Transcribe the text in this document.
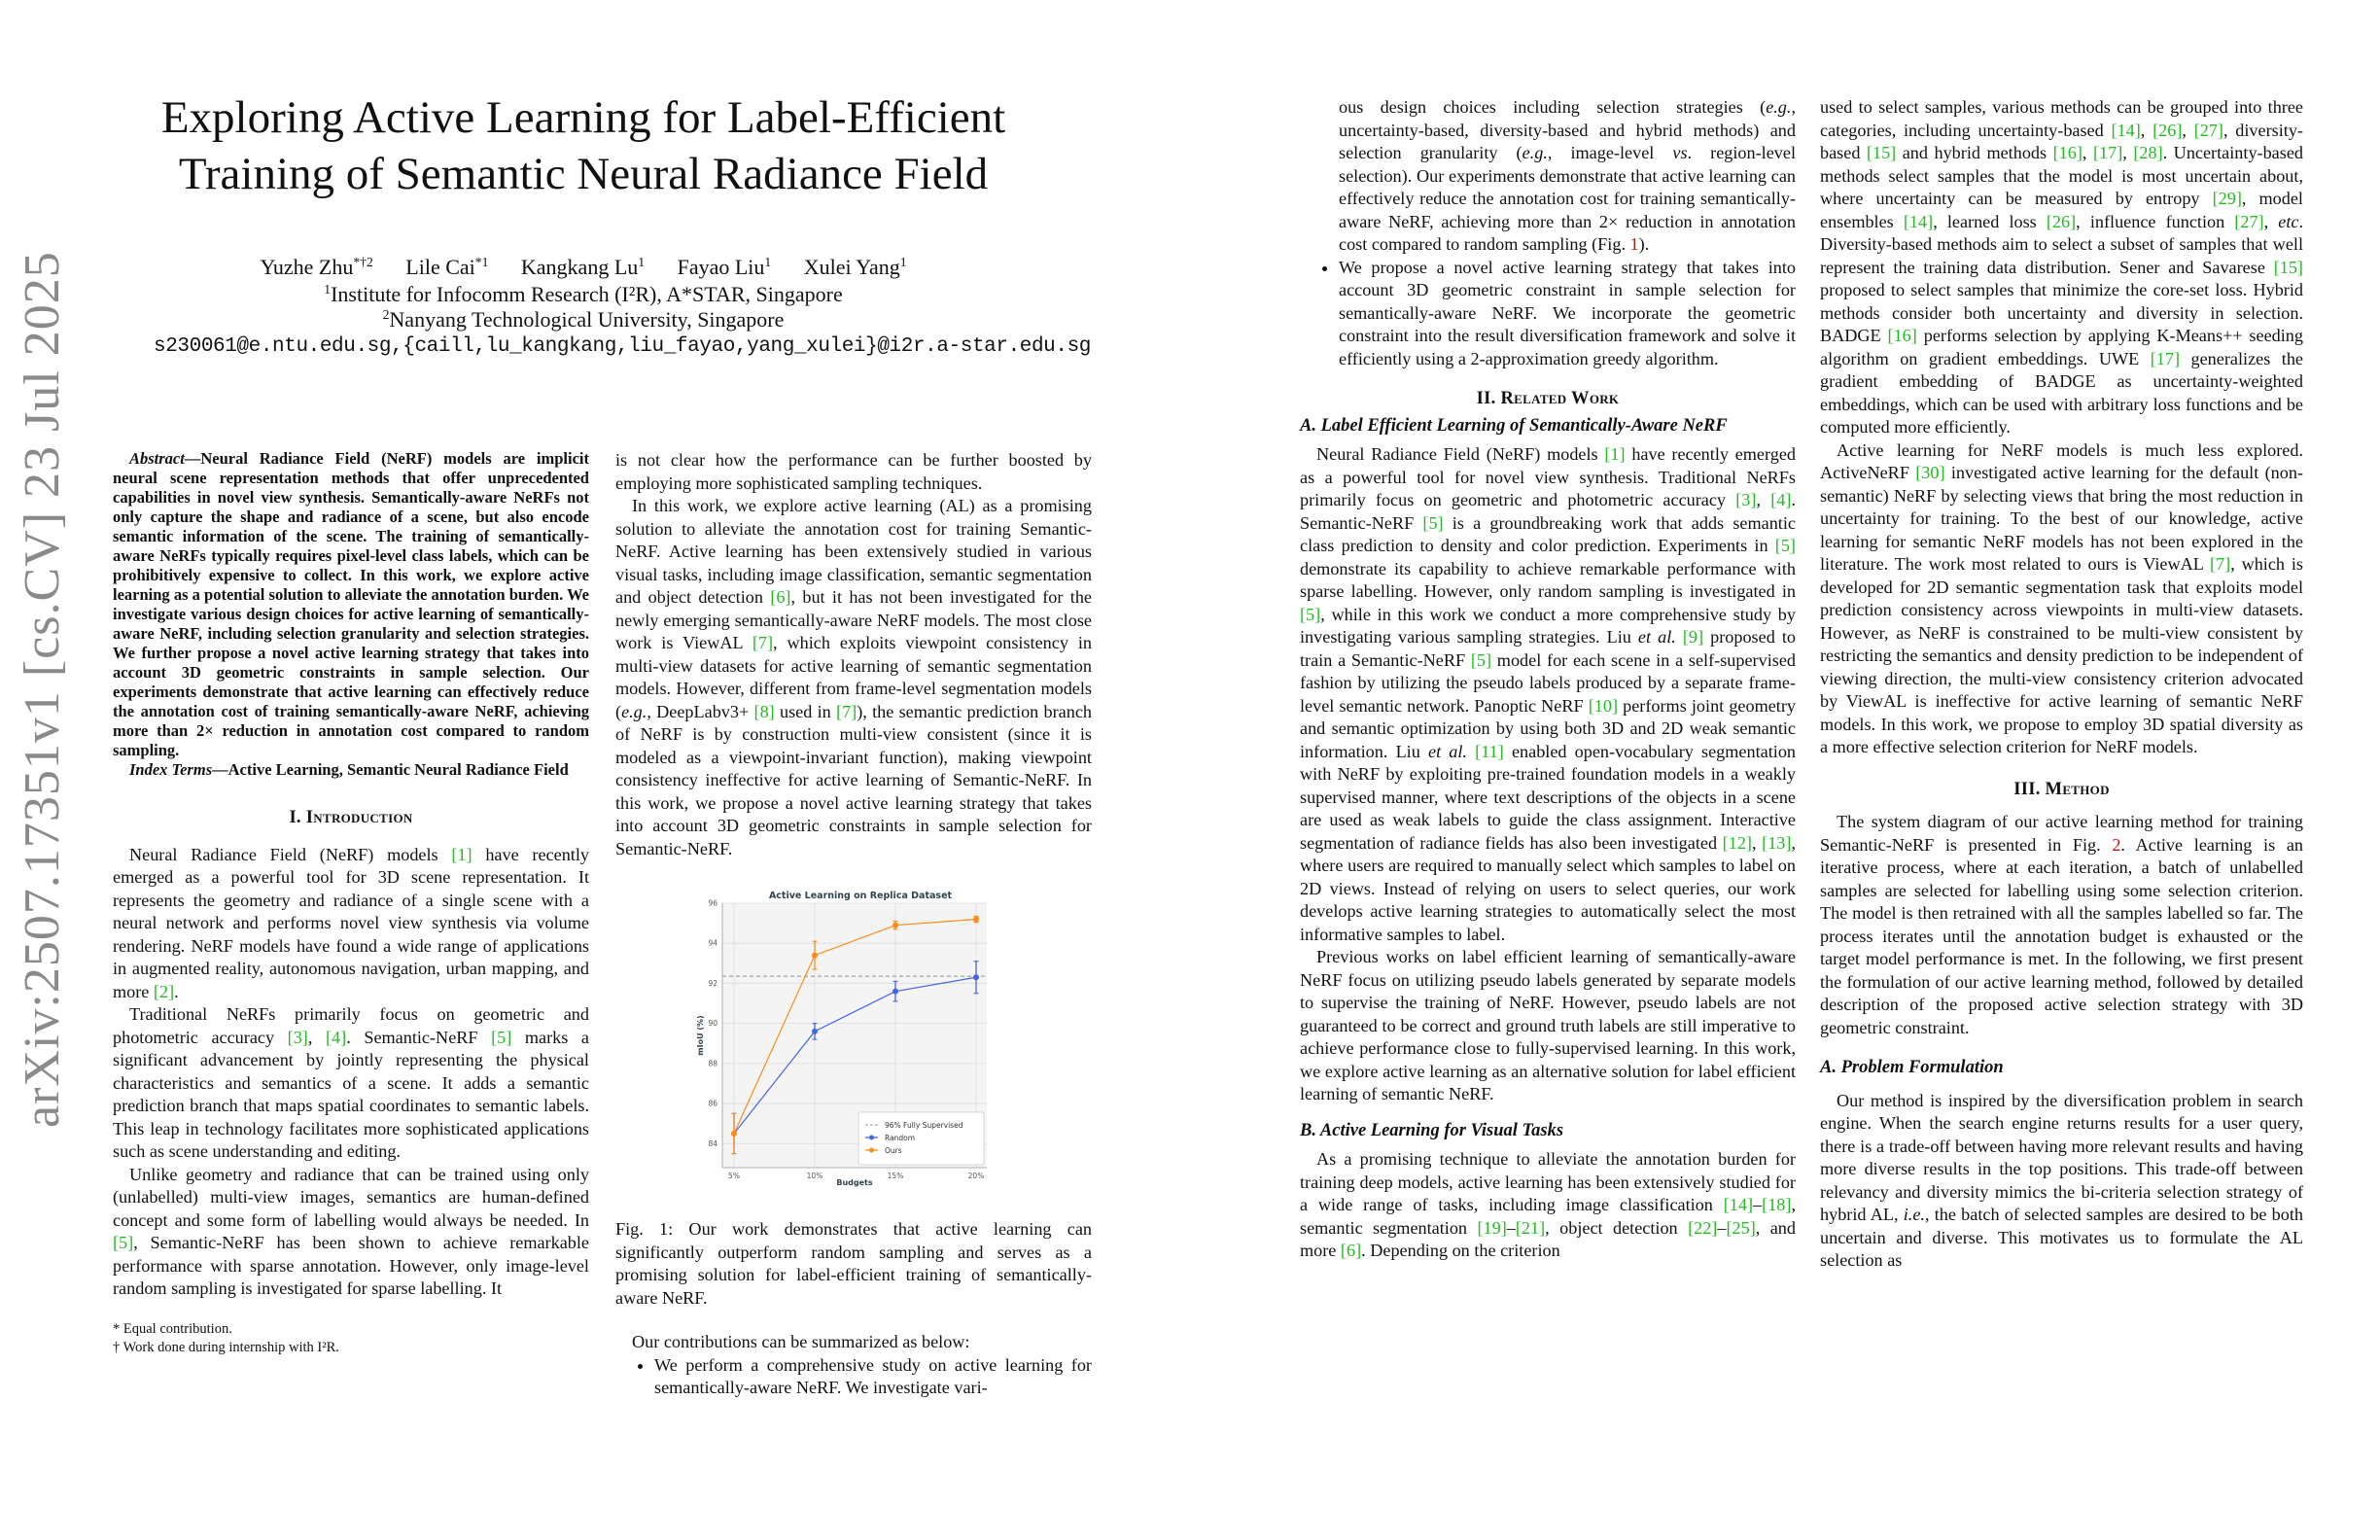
arXiv:2507.17351v1 [cs.CV] 23 Jul 2025
Exploring Active Learning for Label-Efficient
Training of Semantic Neural Radiance Field
Yuzhe Zhu$^{*\dagger 2}$ Lile Cai$^{*1}$ Kangkang Lu$^1$ Fayao Liu$^1$ Xulei Yang$^1$
$^1$Institute for Infocomm Research (I²R), A*STAR, Singapore
$^2$Nanyang Technological University, Singapore
s230061@e.ntu.edu.sg,{caill,lu_kangkang,liu_fayao,yang_xulei}@i2r.a-star.edu.sg

Abstract—Neural Radiance Field (NeRF) models are implicit neural scene representation methods that offer unprecedented capabilities in novel view synthesis. Semantically-aware NeRFs not only capture the shape and radiance of a scene, but also encode semantic information of the scene. The training of semantically-aware NeRFs typically requires pixel-level class labels, which can be prohibitively expensive to collect. In this work, we explore active learning as a potential solution to alleviate the annotation burden. We investigate various design choices for active learning of semantically-aware NeRF, including selection granularity and selection strategies. We further propose a novel active learning strategy that takes into account 3D geometric constraints in sample selection. Our experiments demonstrate that active learning can effectively reduce the annotation cost of training semantically-aware NeRF, achieving more than 2× reduction in annotation cost compared to random sampling.

Index Terms—Active Learning, Semantic Neural Radiance Field

I. Introduction

Neural Radiance Field (NeRF) models [1] have recently emerged as a powerful tool for 3D scene representation. It represents the geometry and radiance of a single scene with a neural network and performs novel view synthesis via volume rendering. NeRF models have found a wide range of applications in augmented reality, autonomous navigation, urban mapping, and more [2].

Traditional NeRFs primarily focus on geometric and photometric accuracy [3], [4]. Semantic-NeRF [5] marks a significant advancement by jointly representing the physical characteristics and semantics of a scene. It adds a semantic prediction branch that maps spatial coordinates to semantic labels. This leap in technology facilitates more sophisticated applications such as scene understanding and editing.

Unlike geometry and radiance that can be trained using only (unlabelled) multi-view images, semantics are human-defined concept and some form of labelling would always be needed. In [5], Semantic-NeRF has been shown to achieve remarkable performance with sparse annotation. However, only image-level random sampling is investigated for sparse labelling. It

* Equal contribution.
† Work done during internship with I²R.

is not clear how the performance can be further boosted by employing more sophisticated sampling techniques.

In this work, we explore active learning (AL) as a promising solution to alleviate the annotation cost for training Semantic-NeRF. Active learning has been extensively studied in various visual tasks, including image classification, semantic segmentation and object detection [6], but it has not been investigated for the newly emerging semantically-aware NeRF models. The most close work is ViewAL [7], which exploits viewpoint consistency in multi-view datasets for active learning of semantic segmentation models. However, different from frame-level segmentation models (e.g., DeepLabv3+ [8] used in [7]), the semantic prediction branch of NeRF is by construction multi-view consistent (since it is modeled as a viewpoint-invariant function), making viewpoint consistency ineffective for active learning of Semantic-NeRF. In this work, we propose a novel active learning strategy that takes into account 3D geometric constraints in sample selection for Semantic-NeRF.

Active Learning on Replica Dataset
84
86
88
90
92
94
96
5%	10%	15%	20%
Budgets
mIoU (%)
96% Fully Supervised
Random
Ours
Fig. 1: Our work demonstrates that active learning can significantly outperform random sampling and serves as a promising solution for label-efficient training of semantically-aware NeRF.

Our contributions can be summarized as below:

• We perform a comprehensive study on active learning for semantically-aware NeRF. We investigate vari-
ous design choices including selection strategies (e.g., uncertainty-based, diversity-based and hybrid methods) and selection granularity (e.g., image-level vs. region-level selection). Our experiments demonstrate that active learning can effectively reduce the annotation cost for training semantically-aware NeRF, achieving more than 2× reduction in annotation cost compared to random sampling (Fig. 1).
• We propose a novel active learning strategy that takes into account 3D geometric constraint in sample selection for semantically-aware NeRF. We incorporate the geometric constraint into the result diversification framework and solve it efficiently using a 2-approximation greedy algorithm.
II. Related Work
A. Label Efficient Learning of Semantically-Aware NeRF

Neural Radiance Field (NeRF) models [1] have recently emerged as a powerful tool for novel view synthesis. Traditional NeRFs primarily focus on geometric and photometric accuracy [3], [4]. Semantic-NeRF [5] is a groundbreaking work that adds semantic class prediction to density and color prediction. Experiments in [5] demonstrate its capability to achieve remarkable performance with sparse labelling. However, only random sampling is investigated in [5], while in this work we conduct a more comprehensive study by investigating various sampling strategies. Liu et al. [9] proposed to train a Semantic-NeRF [5] model for each scene in a self-supervised fashion by utilizing the pseudo labels produced by a separate frame-level semantic network. Panoptic NeRF [10] performs joint geometry and semantic optimization by using both 3D and 2D weak semantic information. Liu et al. [11] enabled open-vocabulary segmentation with NeRF by exploiting pre-trained foundation models in a weakly supervised manner, where text descriptions of the objects in a scene are used as weak labels to guide the class assignment. Interactive segmentation of radiance fields has also been investigated [12], [13], where users are required to manually select which samples to label on 2D views. Instead of relying on users to select queries, our work develops active learning strategies to automatically select the most informative samples to label.

Previous works on label efficient learning of semantically-aware NeRF focus on utilizing pseudo labels generated by separate models to supervise the training of NeRF. However, pseudo labels are not guaranteed to be correct and ground truth labels are still imperative to achieve performance close to fully-supervised learning. In this work, we explore active learning as an alternative solution for label efficient learning of semantic NeRF.

B. Active Learning for Visual Tasks

As a promising technique to alleviate the annotation burden for training deep models, active learning has been extensively studied for a wide range of tasks, including image classification [14]–[18], semantic segmentation [19]–[21], object detection [22]–[25], and more [6]. Depending on the criterion

used to select samples, various methods can be grouped into three categories, including uncertainty-based [14], [26], [27], diversity-based [15] and hybrid methods [16], [17], [28]. Uncertainty-based methods select samples that the model is most uncertain about, where uncertainty can be measured by entropy [29], model ensembles [14], learned loss [26], influence function [27], etc. Diversity-based methods aim to select a subset of samples that well represent the training data distribution. Sener and Savarese [15] proposed to select samples that minimize the core-set loss. Hybrid methods consider both uncertainty and diversity in selection. BADGE [16] performs selection by applying K-Means++ seeding algorithm on gradient embeddings. UWE [17] generalizes the gradient embedding of BADGE as uncertainty-weighted embeddings, which can be used with arbitrary loss functions and be computed more efficiently.

Active learning for NeRF models is much less explored. ActiveNeRF [30] investigated active learning for the default (non-semantic) NeRF by selecting views that bring the most reduction in uncertainty for training. To the best of our knowledge, active learning for semantic NeRF models has not been explored in the literature. The work most related to ours is ViewAL [7], which is developed for 2D semantic segmentation task that exploits model prediction consistency across viewpoints in multi-view datasets. However, as NeRF is constrained to be multi-view consistent by restricting the semantics and density prediction to be independent of viewing direction, the multi-view consistency criterion advocated by ViewAL is ineffective for active learning of semantic NeRF models. In this work, we propose to employ 3D spatial diversity as a more effective selection criterion for NeRF models.

III. Method

The system diagram of our active learning method for training Semantic-NeRF is presented in Fig. 2. Active learning is an iterative process, where at each iteration, a batch of unlabelled samples are selected for labelling using some selection criterion. The model is then retrained with all the samples labelled so far. The process iterates until the annotation budget is exhausted or the target model performance is met. In the following, we first present the formulation of our active learning method, followed by detailed description of the proposed active selection strategy with 3D geometric constraint.

A. Problem Formulation

Our method is inspired by the diversification problem in search engine. When the search engine returns results for a user query, there is a trade-off between having more relevant results and having more diverse results in the top positions. This trade-off between relevancy and diversity mimics the bi-criteria selection strategy of hybrid AL, i.e., the batch of selected samples are desired to be both uncertain and diverse. This motivates us to formulate the AL selection as
